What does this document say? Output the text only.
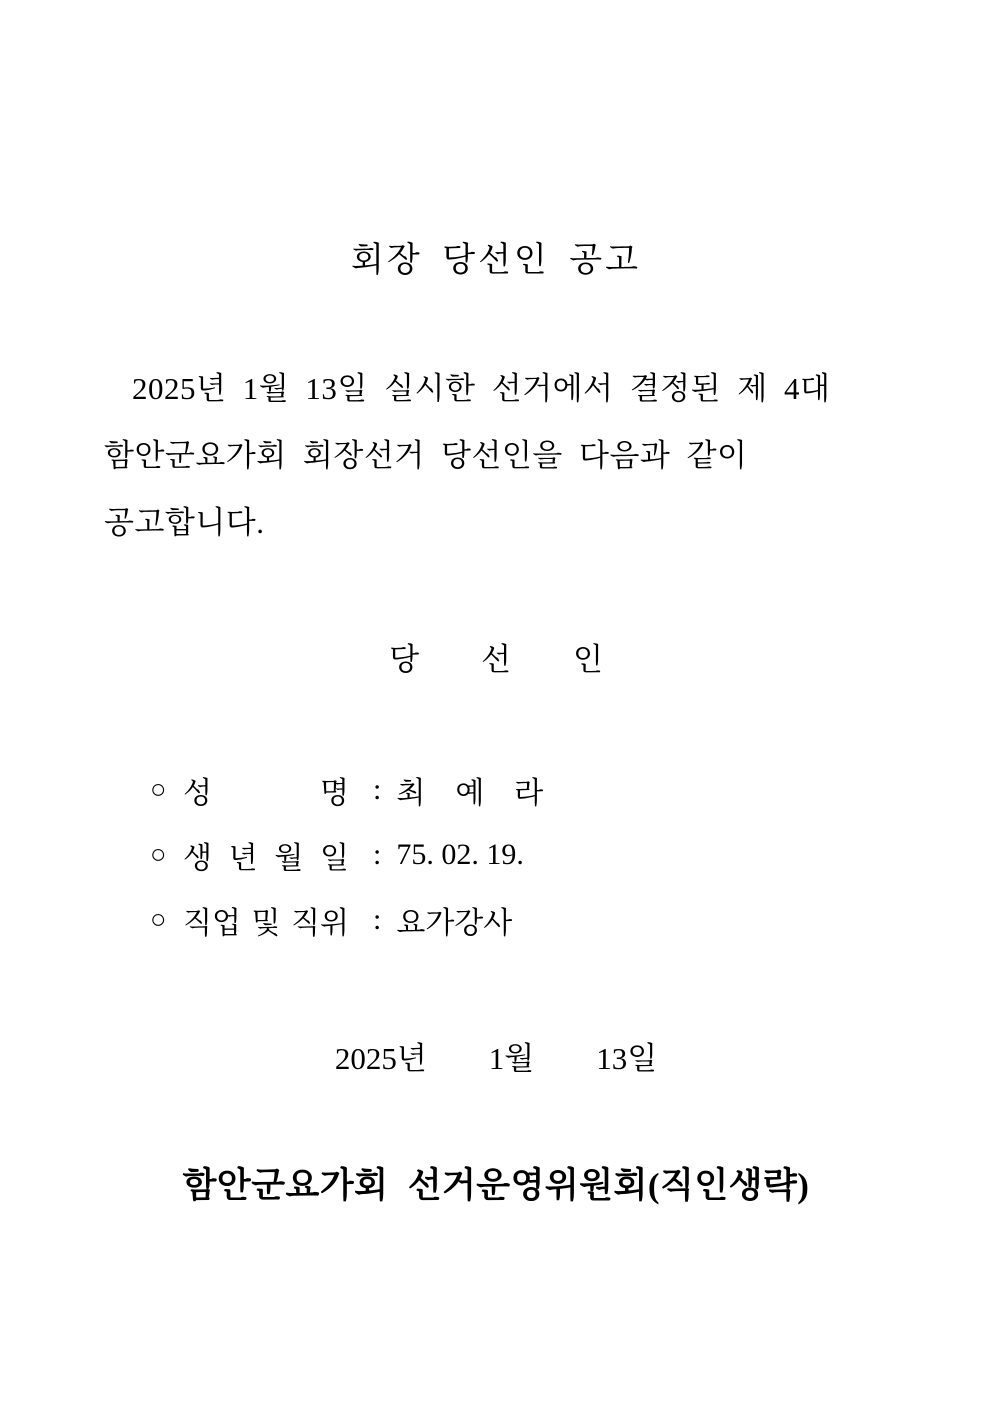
회장 당선인 공고

2025년 1월 13일 실시한 선거에서 결정된 제 4대
함안군요가회 회장선거 당선인을 다음과 같이
공고합니다.

당　　선　　인
○ 성 명 : 최　예　라
○ 생 년 월 일 : 75. 02. 19.
○ 직업 및 직위 : 요가강사
2025년　　1월　　13일
함안군요가회 선거운영위원회(직인생략)
